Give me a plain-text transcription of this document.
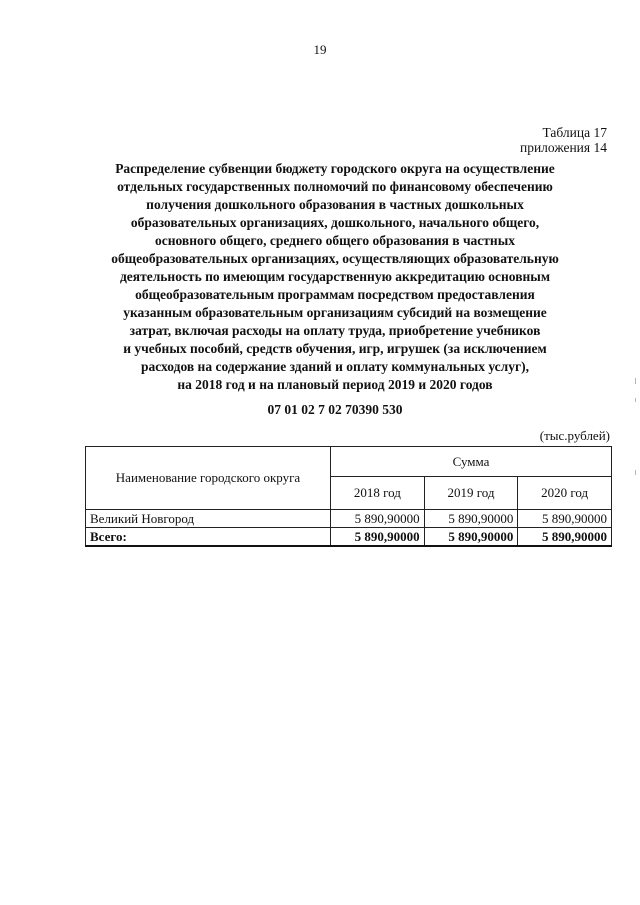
19
Таблица 17
приложения 14
Распределение субвенции бюджету городского округа на осуществление
отдельных государственных полномочий по финансовому обеспечению
получения дошкольного образования в частных дошкольных
образовательных организациях, дошкольного, начального общего,
основного общего, среднего общего образования в частных
общеобразовательных организациях, осуществляющих образовательную
деятельность по имеющим государственную аккредитацию основным
общеобразовательным программам посредством предоставления
указанным образовательным организациям субсидий на возмещение
затрат, включая расходы на оплату труда, приобретение учебников
и учебных пособий, средств обучения, игр, игрушек (за исключением
расходов на содержание зданий и оплату коммунальных услуг),
на 2018 год и на плановый период 2019 и 2020 годов
07 01 02 7 02 70390 530
(тыс.рублей)
Наименование городского округа	Сумма		
	2018 год	2019 год	2020 год
Великий Новгород	5 890,90000	5 890,90000	5 890,90000
Всего:	5 890,90000	5 890,90000	5 890,90000
